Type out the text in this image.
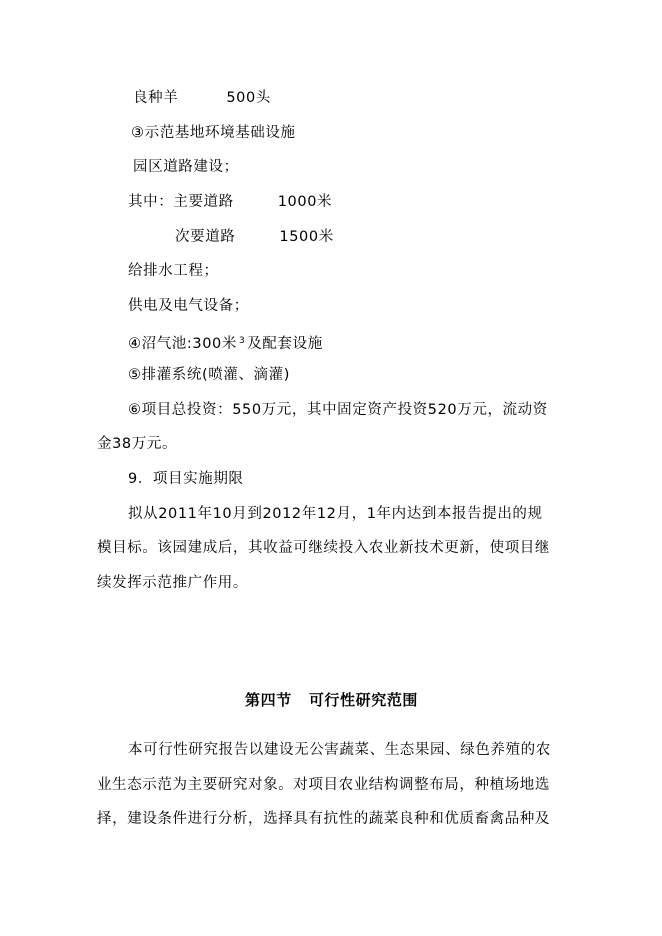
良种羊	500头
③示范基地环境基础设施
园区道路建设；
其中：主要道路	1000米
次要道路	1500米
给排水工程；
供电及电气设备；
④沼气池:300米 $^3$ 及配套设施
⑤排灌系统(喷灌、滴灌)
⑥项目总投资：550万元，其中固定资产投资520万元，流动资
金38万元。
9．项目实施期限
拟从2011年10月到2012年12月，1年内达到本报告提出的规
模目标。该园建成后，其收益可继续投入农业新技术更新，使项目继
续发挥示范推广作用。
第四节 可行性研究范围
本可行性研究报告以建设无公害蔬菜、生态果园、绿色养殖的农
业生态示范为主要研究对象。对项目农业结构调整布局，种植场地选
择，建设条件进行分析，选择具有抗性的蔬菜良种和优质畜禽品种及
